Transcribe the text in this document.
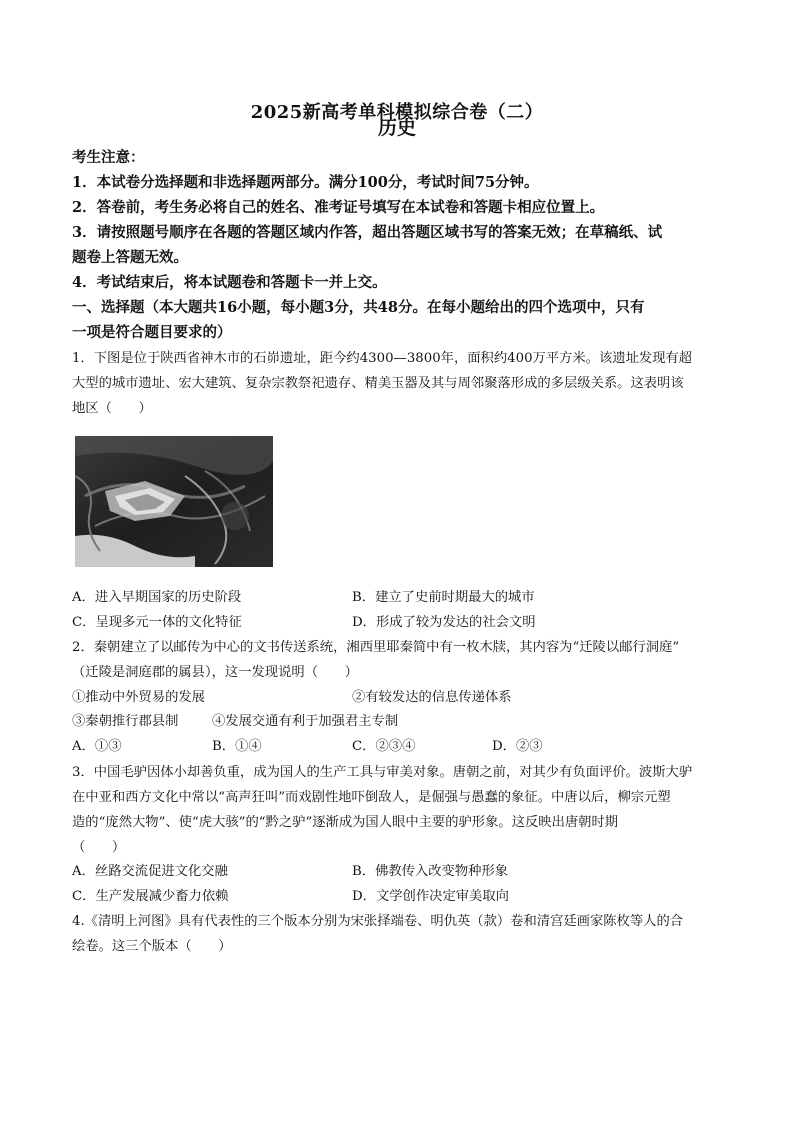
2025新高考单科模拟综合卷（二）
历史
考生注意：
1．本试卷分选择题和非选择题两部分。满分100分，考试时间75分钟。
2．答卷前，考生务必将自己的姓名、准考证号填写在本试卷和答题卡相应位置上。
3．请按照题号顺序在各题的答题区域内作答，超出答题区域书写的答案无效；在草稿纸、试
题卷上答题无效。
4．考试结束后，将本试题卷和答题卡一并上交。
一、选择题（本大题共16小题，每小题3分，共48分。在每小题给出的四个选项中，只有
一项是符合题目要求的）
1．下图是位于陕西省神木市的石峁遗址，距今约4300—3800年，面积约400万平方米。该遗址发现有超
大型的城市遗址、宏大建筑、复杂宗教祭祀遗存、精美玉器及其与周邻聚落形成的多层级关系。这表明该
地区（　　）
A．进入早期国家的历史阶段	B．建立了史前时期最大的城市
C．呈现多元一体的文化特征	D．形成了较为发达的社会文明
2．秦朝建立了以邮传为中心的文书传送系统，湘西里耶秦简中有一枚木牍，其内容为“迁陵以邮行洞庭”
（迁陵是洞庭郡的属县），这一发现说明（　　）
①推动中外贸易的发展	②有较发达的信息传递体系
③秦朝推行郡县制	④发展交通有利于加强君主专制
A．①③	B．①④	C．②③④	D．②③
3．中国毛驴因体小却善负重，成为国人的生产工具与审美对象。唐朝之前，对其少有负面评价。波斯大驴
在中亚和西方文化中常以“高声狂叫”而戏剧性地吓倒敌人，是倔强与愚蠢的象征。中唐以后，柳宗元塑
造的“庞然大物”、使“虎大骇”的“黔之驴”逐渐成为国人眼中主要的驴形象。这反映出唐朝时期
（　　）
A．丝路交流促进文化交融	B．佛教传入改变物种形象
C．生产发展减少畜力依赖	D．文学创作决定审美取向
4.《清明上河图》具有代表性的三个版本分别为宋张择端卷、明仇英（款）卷和清宫廷画家陈枚等人的合
绘卷。这三个版本（　　）
